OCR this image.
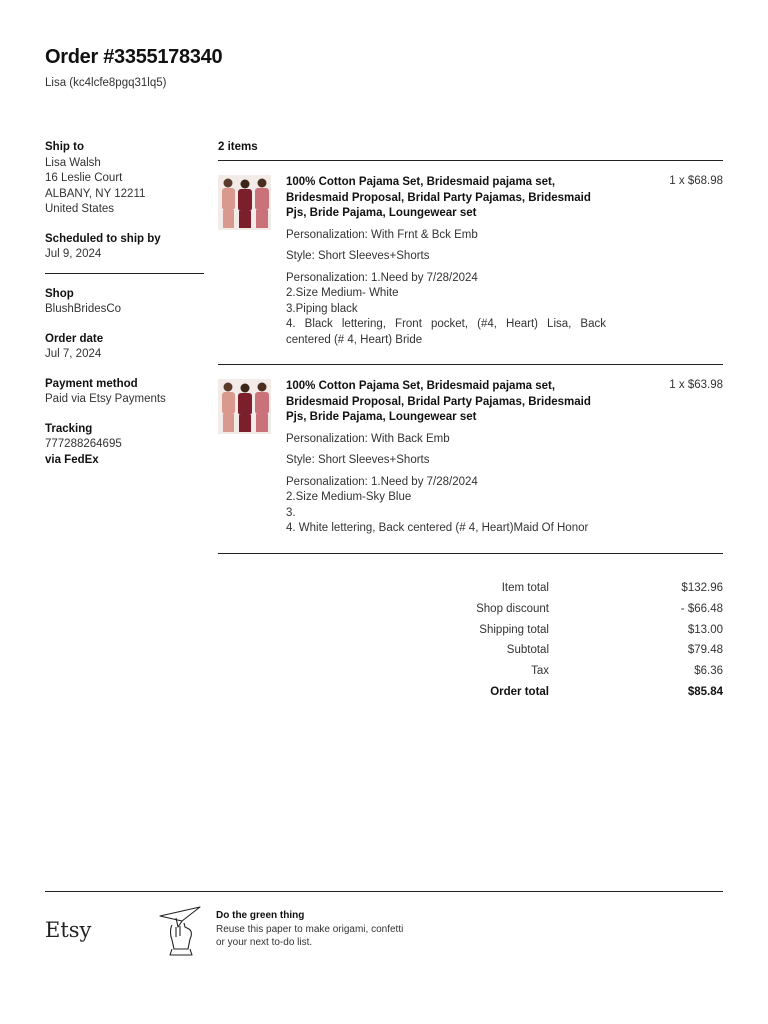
Order #3355178340
Lisa (kc4lcfe8pgq31lq5)
Ship to
Lisa Walsh
16 Leslie Court
ALBANY, NY 12211
United States
Scheduled to ship by
Jul 9, 2024
Shop
BlushBridesCo
Order date
Jul 7, 2024
Payment method
Paid via Etsy Payments
Tracking
777288264695
via FedEx
2 items
100% Cotton Pajama Set, Bridesmaid pajama set, Bridesmaid Proposal, Bridal Party Pajamas, Bridesmaid Pjs, Bride Pajama, Loungewear set
Personalization: With Frnt & Bck Emb
Style: Short Sleeves+Shorts
Personalization: 1.Need by 7/28/2024
2.Size Medium- White
3.Piping black
4. Black lettering, Front pocket, (#4, Heart) Lisa, Back centered (# 4, Heart) Bride
1 x $68.98
100% Cotton Pajama Set, Bridesmaid pajama set, Bridesmaid Proposal, Bridal Party Pajamas, Bridesmaid Pjs, Bride Pajama, Loungewear set
Personalization: With Back Emb
Style: Short Sleeves+Shorts
Personalization: 1.Need by 7/28/2024
2.Size Medium-Sky Blue
3.
4. White lettering, Back centered (# 4, Heart)Maid Of Honor
1 x $63.98
Item total	$132.96
Shop discount	- $66.48
Shipping total	$13.00
Subtotal	$79.48
Tax	$6.36
Order total	$85.84
Etsy
Do the green thing
Reuse this paper to make origami, confetti
or your next to-do list.
